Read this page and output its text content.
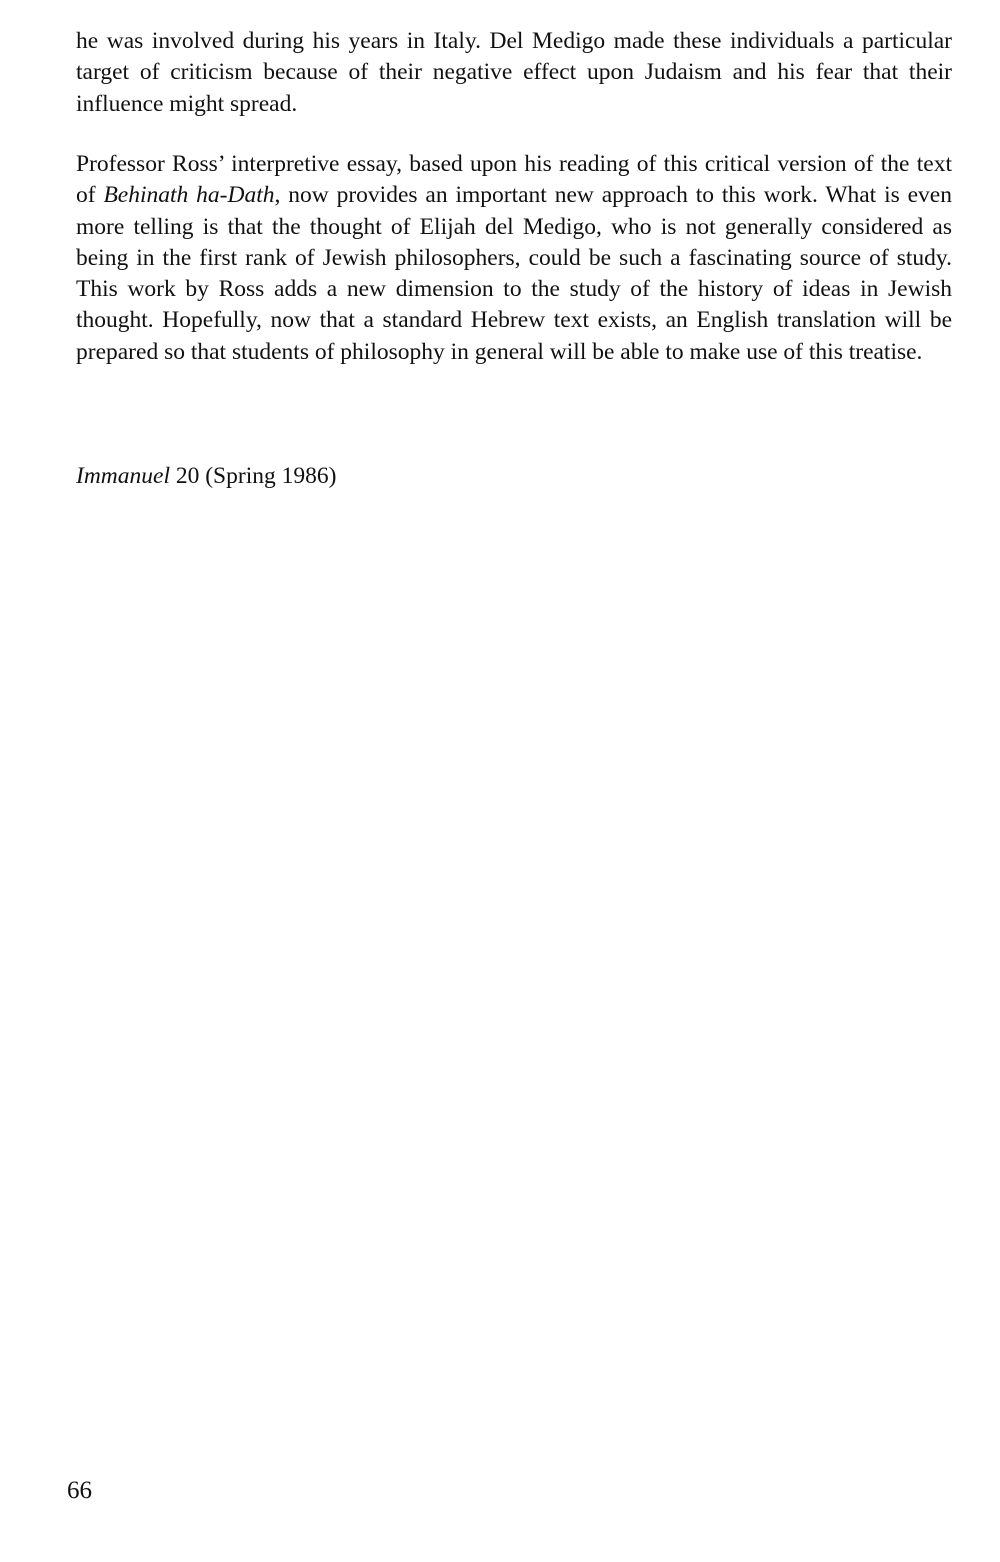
he was involved during his years in Italy. Del Medigo made these individuals a particular target of criticism because of their negative effect upon Judaism and his fear that their influence might spread.

Professor Ross’ interpretive essay, based upon his reading of this critical version of the text of Behinath ha-Dath, now provides an important new approach to this work. What is even more telling is that the thought of Elijah del Medigo, who is not generally considered as being in the first rank of Jewish philosophers, could be such a fascinating source of study. This work by Ross adds a new dimension to the study of the history of ideas in Jewish thought. Hopefully, now that a standard Hebrew text exists, an English translation will be prepared so that students of philosophy in general will be able to make use of this treatise.

Immanuel 20 (Spring 1986)

66
